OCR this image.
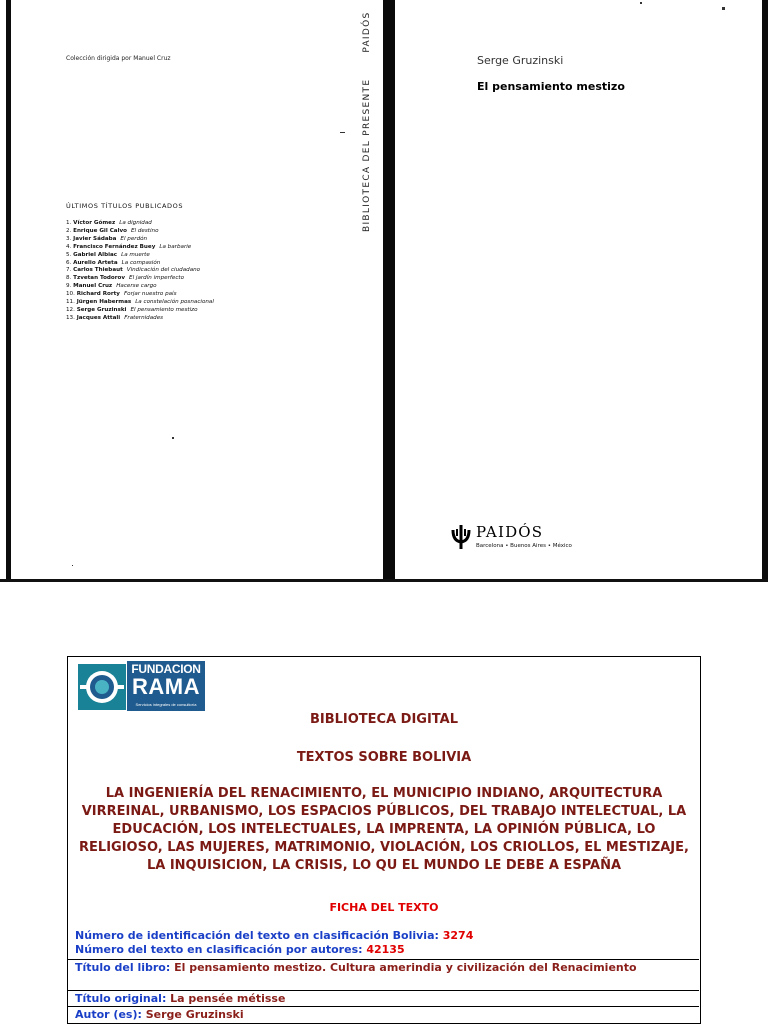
Colección dirigida por Manuel Cruz
BIBLIOTECA DEL PRESENTEPAIDÓS
ÚLTIMOS TÍTULOS PUBLICADOS
1. Víctor Gómez La dignidad
2. Enrique Gil Calvo El destino
3. Javier Sádaba El perdón
4. Francisco Fernández Buey La barbarie
5. Gabriel Albiac La muerte
6. Aurelio Arteta La compasión
7. Carlos Thiebaut Vindicación del ciudadano
8. Tzvetan Todorov El jardín imperfecto
9. Manuel Cruz Hacerse cargo
10. Richard Rorty Forjar nuestro país
11. Jürgen Habermas La constelación posnacional
12. Serge Gruzinski El pensamiento mestizo
13. Jacques Attali Fraternidades
Serge Gruzinski
El pensamiento mestizo
PAIDÓS
Barcelona • Buenos Aires • México
FUNDACION
RAMA
Servicios integrales de consultoría
BIBLIOTECA DIGITAL
TEXTOS SOBRE BOLIVIA
LA INGENIERÍA DEL RENACIMIENTO, EL MUNICIPIO INDIANO, ARQUITECTURA VIRREINAL, URBANISMO, LOS ESPACIOS PÚBLICOS, DEL TRABAJO INTELECTUAL, LA EDUCACIÓN, LOS INTELECTUALES, LA IMPRENTA, LA OPINIÓN PÚBLICA, LO RELIGIOSO, LAS MUJERES, MATRIMONIO, VIOLACIÓN, LOS CRIOLLOS, EL MESTIZAJE, LA INQUISICION, LA CRISIS, LO QU EL MUNDO LE DEBE A ESPAÑA
FICHA DEL TEXTO
Número de identificación del texto en clasificación Bolivia: 3274
Número del texto en clasificación por autores: 42135
Título del libro: El pensamiento mestizo. Cultura amerindia y civilización del Renacimiento
Título original: La pensée métisse
Autor (es): Serge Gruzinski
